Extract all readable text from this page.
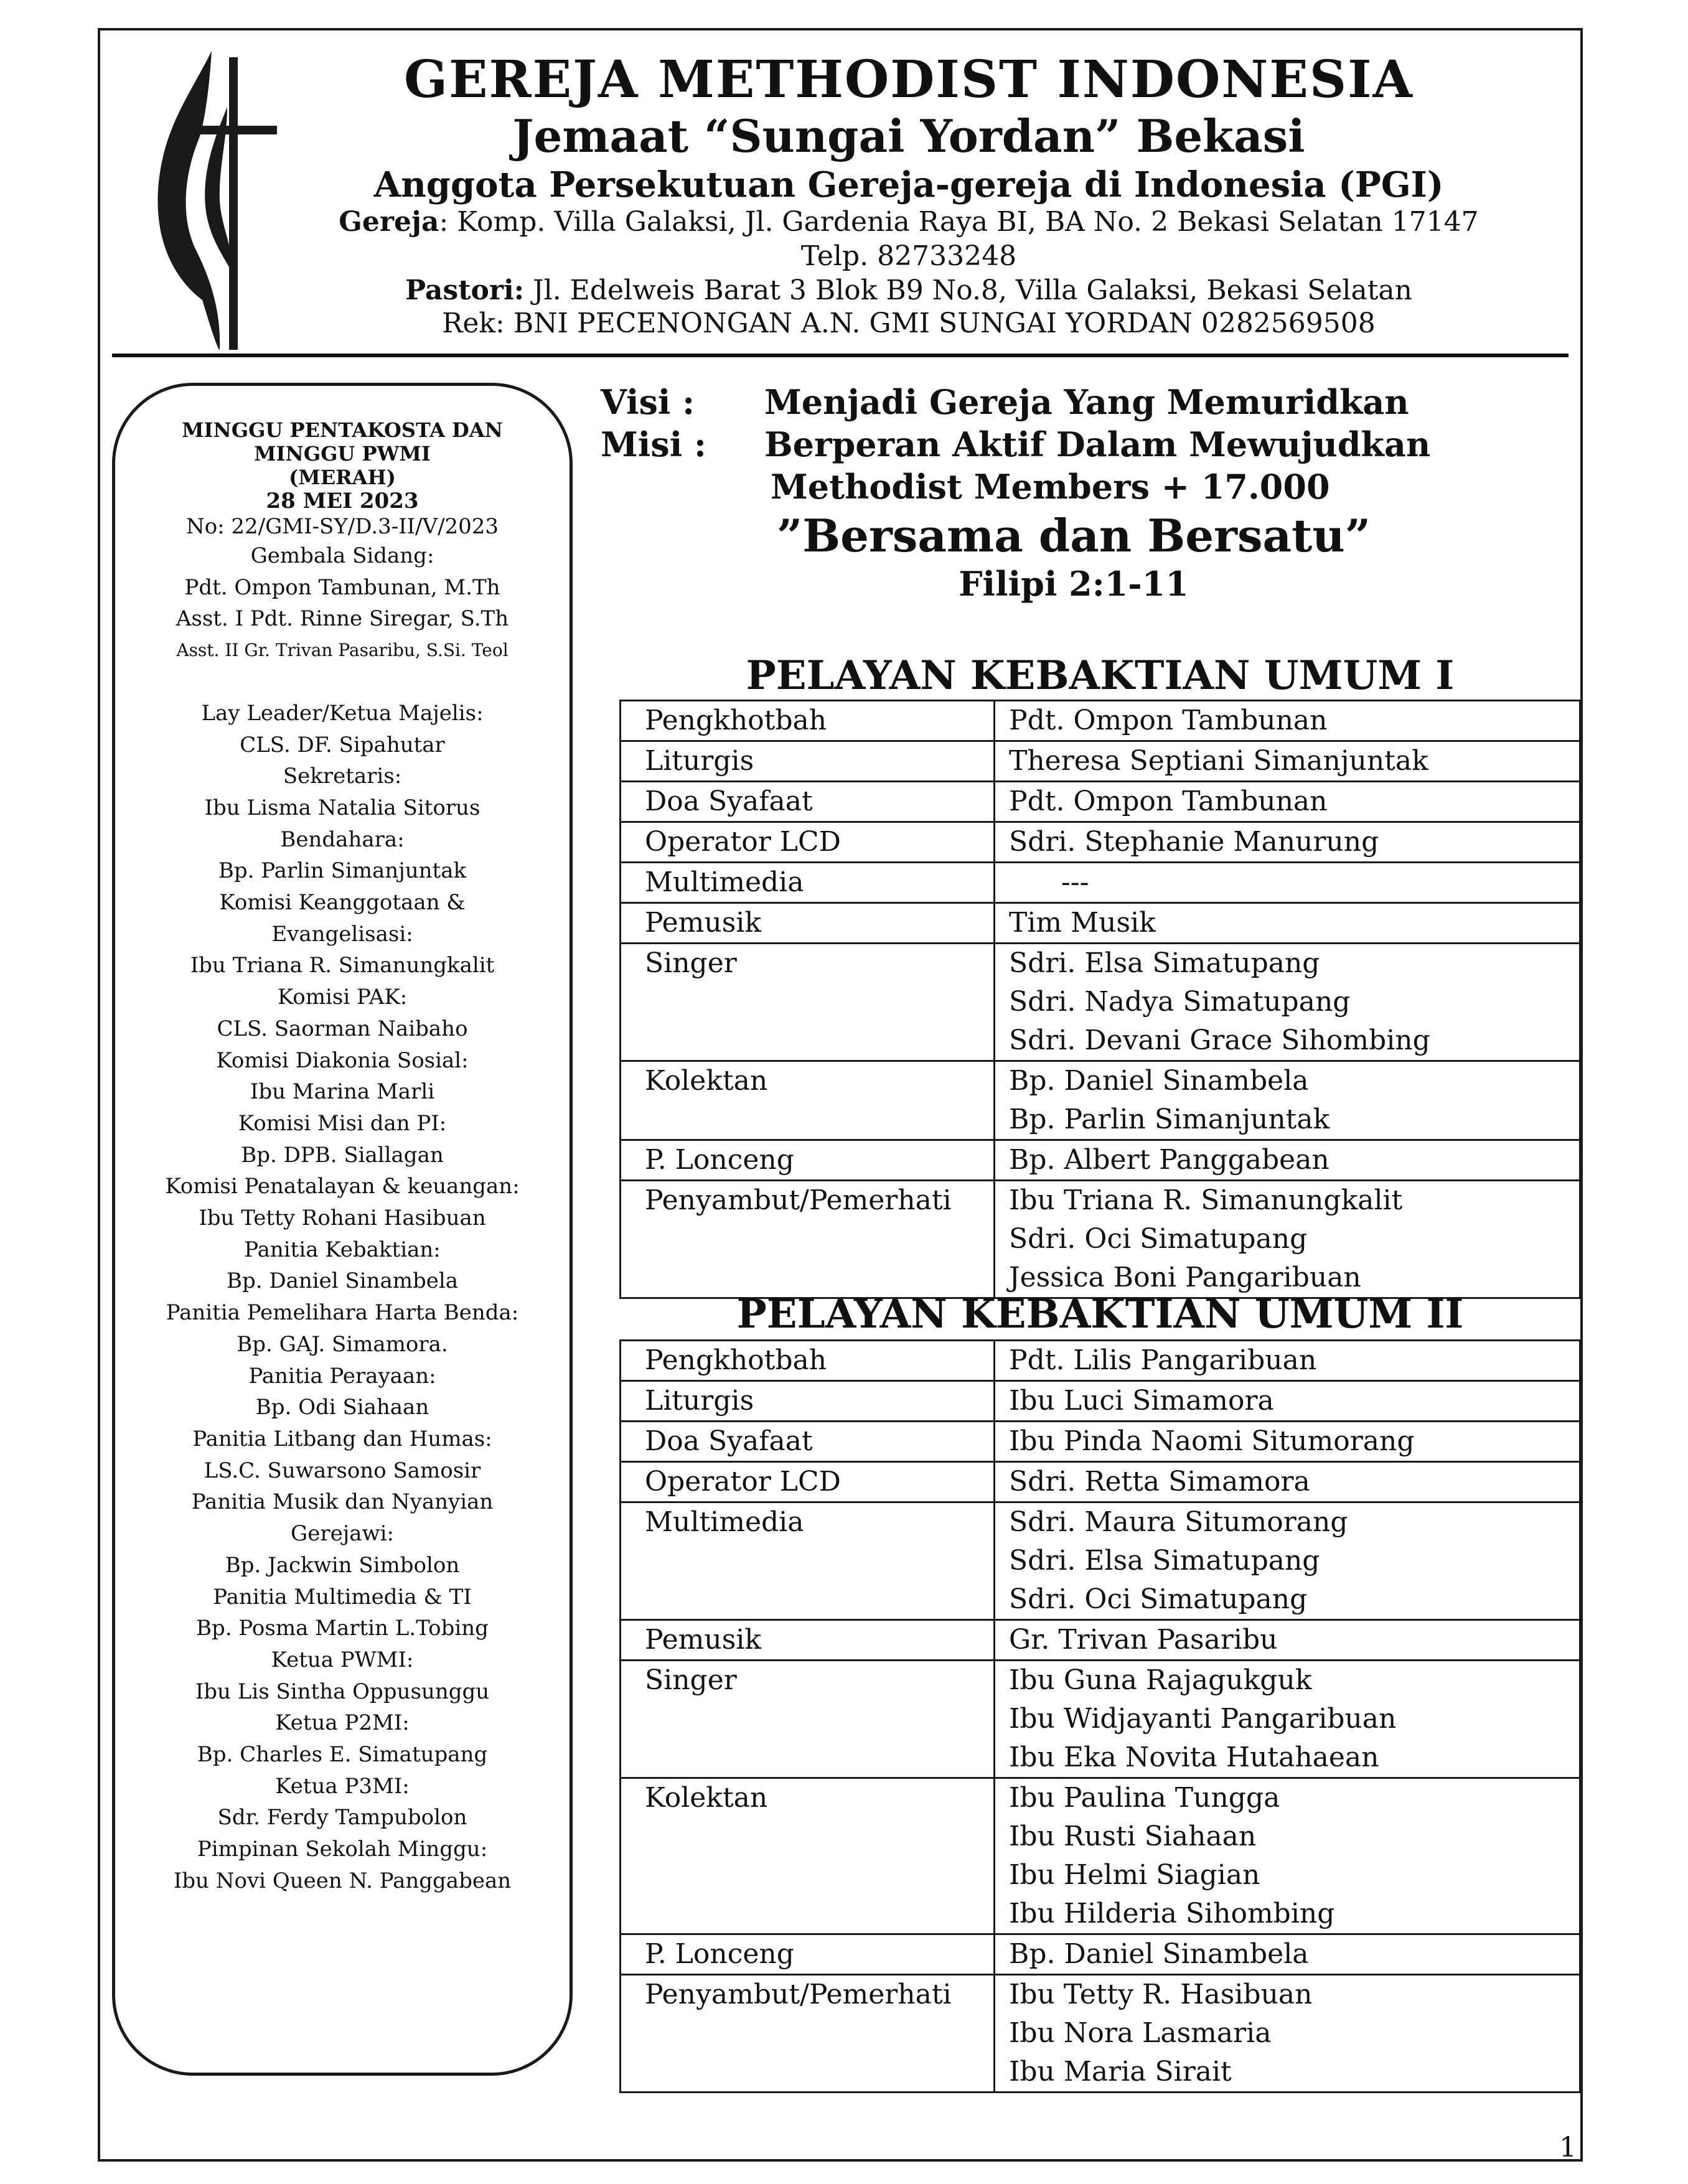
GEREJA METHODIST INDONESIA
Jemaat “Sungai Yordan” Bekasi
Anggota Persekutuan Gereja-gereja di Indonesia (PGI)
Gereja: Komp. Villa Galaksi, Jl. Gardenia Raya BI, BA No. 2 Bekasi Selatan 17147
Telp. 82733248
Pastori: Jl. Edelweis Barat 3 Blok B9 No.8, Villa Galaksi, Bekasi Selatan
Rek: BNI PECENONGAN A.N. GMI SUNGAI YORDAN 0282569508
MINGGU PENTAKOSTA DAN
MINGGU PWMI
(MERAH)
28 MEI 2023
No: 22/GMI-SY/D.3-II/V/2023
Gembala Sidang:
Pdt. Ompon Tambunan, M.Th
Asst. I Pdt. Rinne Siregar, S.Th
Asst. II Gr. Trivan Pasaribu, S.Si. Teol
Lay Leader/Ketua Majelis:
CLS. DF. Sipahutar
Sekretaris:
Ibu Lisma Natalia Sitorus
Bendahara:
Bp. Parlin Simanjuntak
Komisi Keanggotaan &
Evangelisasi:
Ibu Triana R. Simanungkalit
Komisi PAK:
CLS. Saorman Naibaho
Komisi Diakonia Sosial:
Ibu Marina Marli
Komisi Misi dan PI:
Bp. DPB. Siallagan
Komisi Penatalayan & keuangan:
Ibu Tetty Rohani Hasibuan
Panitia Kebaktian:
Bp. Daniel Sinambela
Panitia Pemelihara Harta Benda:
Bp. GAJ. Simamora.
Panitia Perayaan:
Bp. Odi Siahaan
Panitia Litbang dan Humas:
LS.C. Suwarsono Samosir
Panitia Musik dan Nyanyian
Gerejawi:
Bp. Jackwin Simbolon
Panitia Multimedia & TI
Bp. Posma Martin L.Tobing
Ketua PWMI:
Ibu Lis Sintha Oppusunggu
Ketua P2MI:
Bp. Charles E. Simatupang
Ketua P3MI:
Sdr. Ferdy Tampubolon
Pimpinan Sekolah Minggu:
Ibu Novi Queen N. Panggabean
Visi : Menjadi Gereja Yang Memuridkan
Misi : Berperan Aktif Dalam Mewujudkan
Methodist Members + 17.000
”Bersama dan Bersatu”
Filipi 2:1-11
PELAYAN KEBAKTIAN UMUM I
Pengkhotbah	Pdt. Ompon Tambunan

Liturgis	Theresa Septiani Simanjuntak

Doa Syafaat	Pdt. Ompon Tambunan

Operator LCD	Sdri. Stephanie Manurung

Multimedia	---

Pemusik	Tim Musik

Singer	Sdri. Elsa Simatupang
Sdri. Nadya Simatupang
Sdri. Devani Grace Sihombing

Kolektan	Bp. Daniel Sinambela
Bp. Parlin Simanjuntak

P. Lonceng	Bp. Albert Panggabean

Penyambut/Pemerhati	Ibu Triana R. Simanungkalit
Sdri. Oci Simatupang
Jessica Boni Pangaribuan
PELAYAN KEBAKTIAN UMUM II
Pengkhotbah	Pdt. Lilis Pangaribuan

Liturgis	Ibu Luci Simamora

Doa Syafaat	Ibu Pinda Naomi Situmorang

Operator LCD	Sdri. Retta Simamora

Multimedia	Sdri. Maura Situmorang
Sdri. Elsa Simatupang
Sdri. Oci Simatupang

Pemusik	Gr. Trivan Pasaribu

Singer	Ibu Guna Rajagukguk
Ibu Widjayanti Pangaribuan
Ibu Eka Novita Hutahaean

Kolektan	Ibu Paulina Tungga
Ibu Rusti Siahaan
Ibu Helmi Siagian
Ibu Hilderia Sihombing

P. Lonceng	Bp. Daniel Sinambela

Penyambut/Pemerhati	Ibu Tetty R. Hasibuan
Ibu Nora Lasmaria
Ibu Maria Sirait
1
